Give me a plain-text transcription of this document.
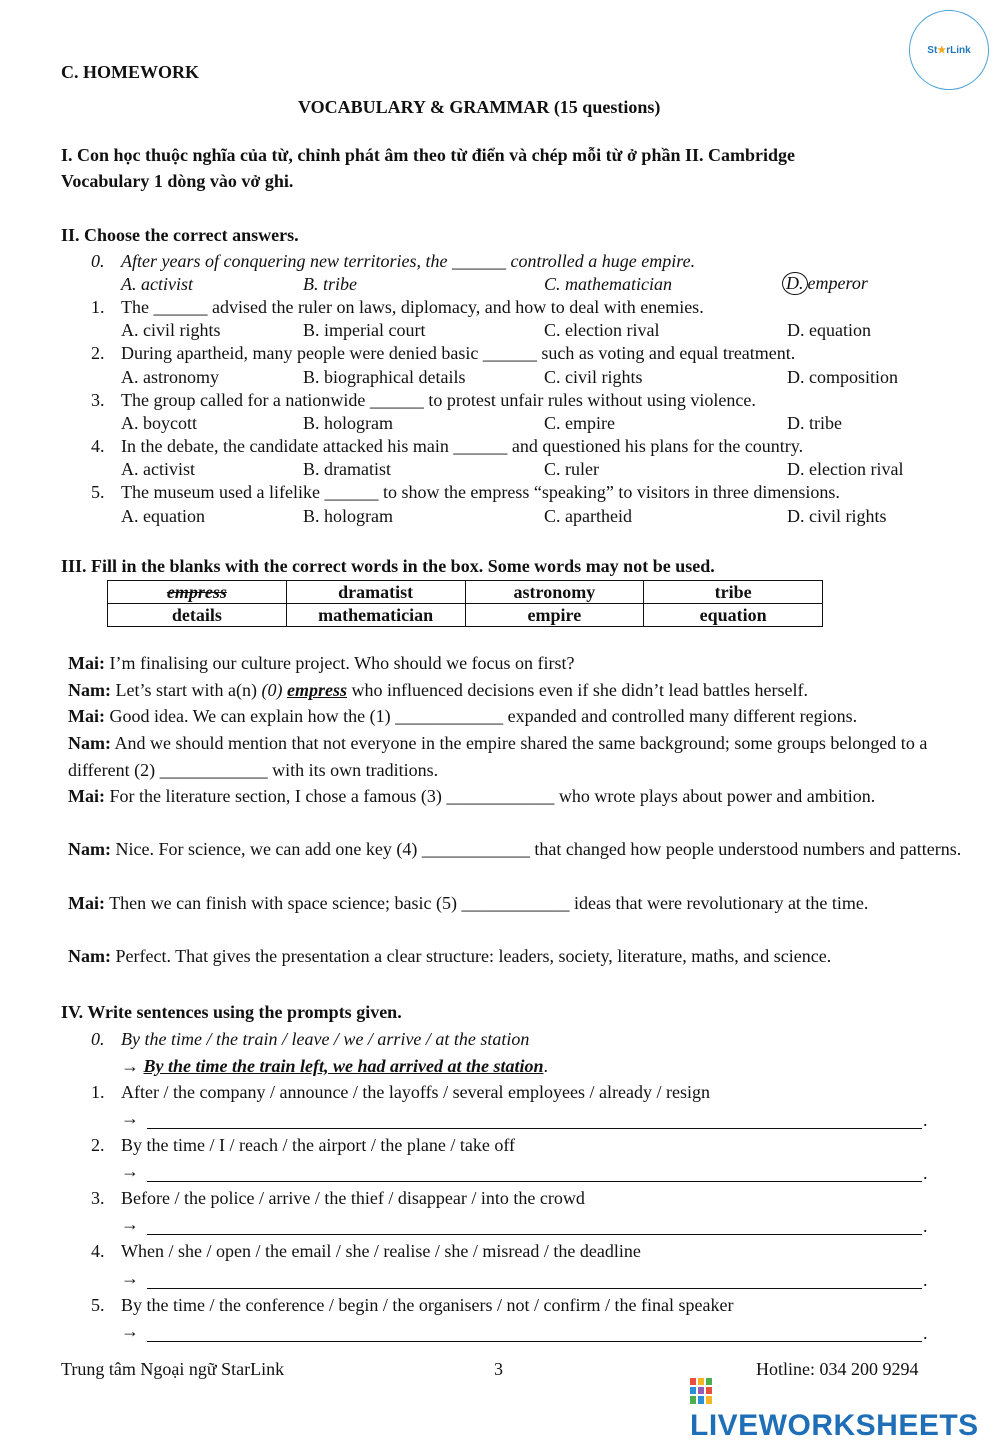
St ★ rLink
C. HOMEWORK
VOCABULARY & GRAMMAR (15 questions)
I. Con học thuộc nghĩa của từ, chỉnh phát âm theo từ điển và chép mỗi từ ở phần II. Cambridge
Vocabulary 1 dòng vào vở ghi.
II. Choose the correct answers.
0. After years of conquering new territories, the ______ controlled a huge empire.
A. activist	B. tribe	C. mathematician	D. emperor
1. The ______ advised the ruler on laws, diplomacy, and how to deal with enemies.
A. civil rights	B. imperial court	C. election rival	D. equation
2. During apartheid, many people were denied basic ______ such as voting and equal treatment.
A. astronomy	B. biographical details	C. civil rights	D. composition
3. The group called for a nationwide ______ to protest unfair rules without using violence.
A. boycott	B. hologram	C. empire	D. tribe
4. In the debate, the candidate attacked his main ______ and questioned his plans for the country.
A. activist	B. dramatist	C. ruler	D. election rival
5. The museum used a lifelike ______ to show the empress “speaking” to visitors in three dimensions.
A. equation	B. hologram	C. apartheid	D. civil rights
III. Fill in the blanks with the correct words in the box. Some words may not be used.
empress	dramatist	astronomy	tribe
details	mathematician	empire	equation
Mai: I’m finalising our culture project. Who should we focus on first?
Nam: Let’s start with a(n) (0) empress who influenced decisions even if she didn’t lead battles herself.
Mai: Good idea. We can explain how the (1) ____________ expanded and controlled many different regions.
Nam: And we should mention that not everyone in the empire shared the same background; some groups belonged to a different (2) ____________ with its own traditions.
Mai: For the literature section, I chose a famous (3) ____________ who wrote plays about power and ambition.
Nam: Nice. For science, we can add one key (4) ____________ that changed how people understood numbers and patterns.
Mai: Then we can finish with space science; basic (5) ____________ ideas that were revolutionary at the time.
Nam: Perfect. That gives the presentation a clear structure: leaders, society, literature, maths, and science.
IV. Write sentences using the prompts given.
0. By the time / the train / leave / we / arrive / at the station
→ By the time the train left, we had arrived at the station.
1. After / the company / announce / the layoffs / several employees / already / resign
→	.
2. By the time / I / reach / the airport / the plane / take off
→	.
3. Before / the police / arrive / the thief / disappear / into the crowd
→	.
4. When / she / open / the email / she / realise / she / misread / the deadline
→	.
5. By the time / the conference / begin / the organisers / not / confirm / the final speaker
→	.
Trung tâm Ngoại ngữ StarLink	3	Hotline: 034 200 9294
LIVEWORKSHEETS
